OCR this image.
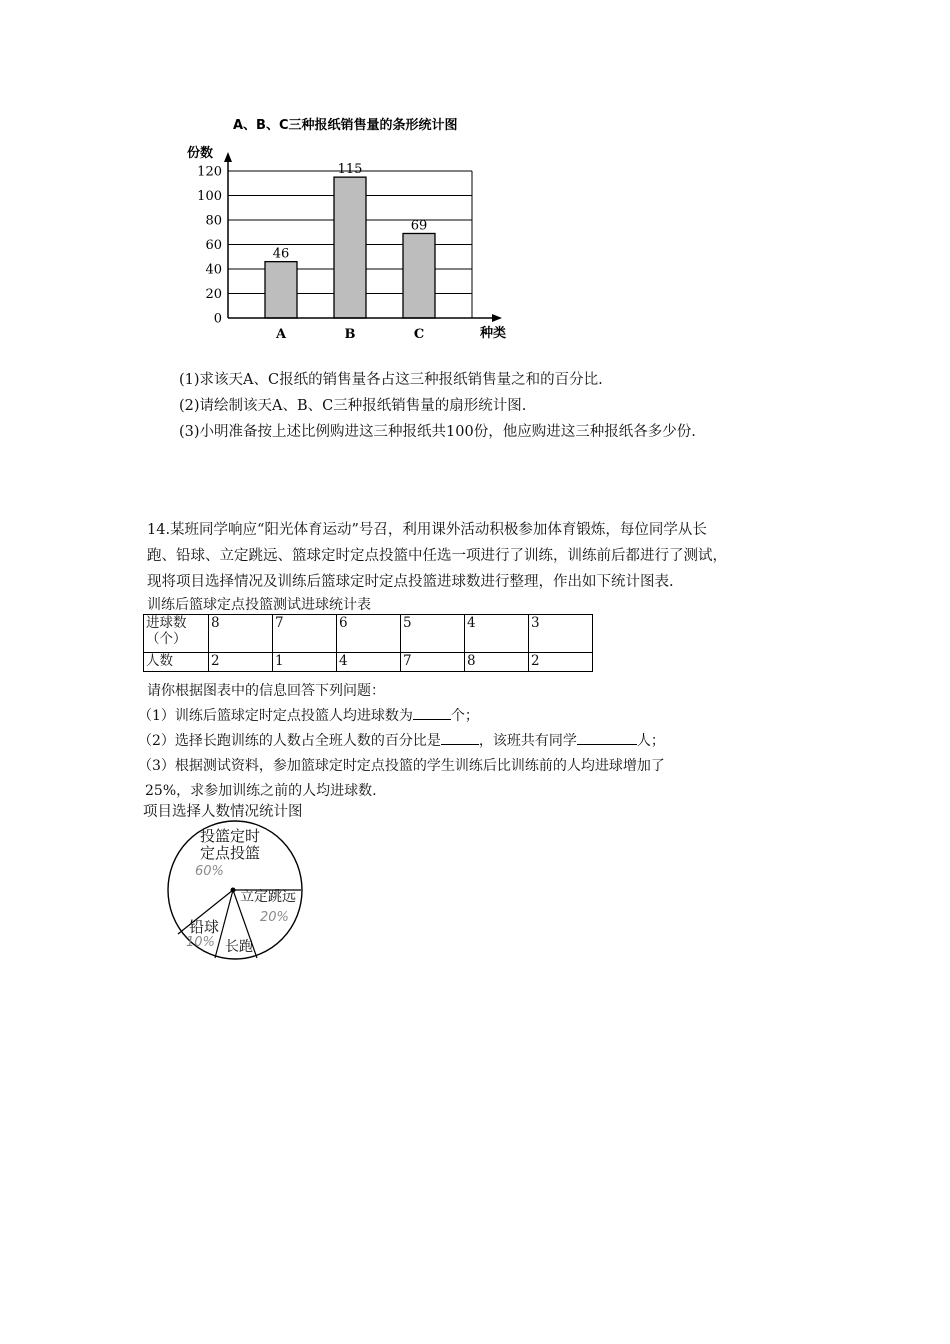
A、B、C三种报纸销售量的条形统计图
份数
种类
0
20
40
60
80
100
120
46
A
115
B
69
C
(1)求该天A、C报纸的销售量各占这三种报纸销售量之和的百分比.
(2)请绘制该天A、B、C三种报纸销售量的扇形统计图.
(3)小明准备按上述比例购进这三种报纸共100份，他应购进这三种报纸各多少份.
14.某班同学响应“阳光体育运动”号召，利用课外活动积极参加体育锻炼，每位同学从长
跑、铅球、立定跳远、篮球定时定点投篮中任选一项进行了训练，训练前后都进行了测试，
现将项目选择情况及训练后篮球定时定点投篮进球数进行整理，作出如下统计图表.
训练后篮球定点投篮测试进球统计表
进球数
（个）	8	7	6	5	4	3
人数	2	1	4	7	8	2
请你根据图表中的信息回答下列问题：
（1）训练后篮球定时定点投篮人均进球数为	个；
（2）选择长跑训练的人数占全班人数的百分比是	，该班共有同学	人；
（3）根据测试资料，参加篮球定时定点投篮的学生训练后比训练前的人均进球增加了
25%，求参加训练之前的人均进球数.
项目选择人数情况统计图
投篮定时
定点投篮
60%
立定跳远
20%
铅球
10% 长跑
